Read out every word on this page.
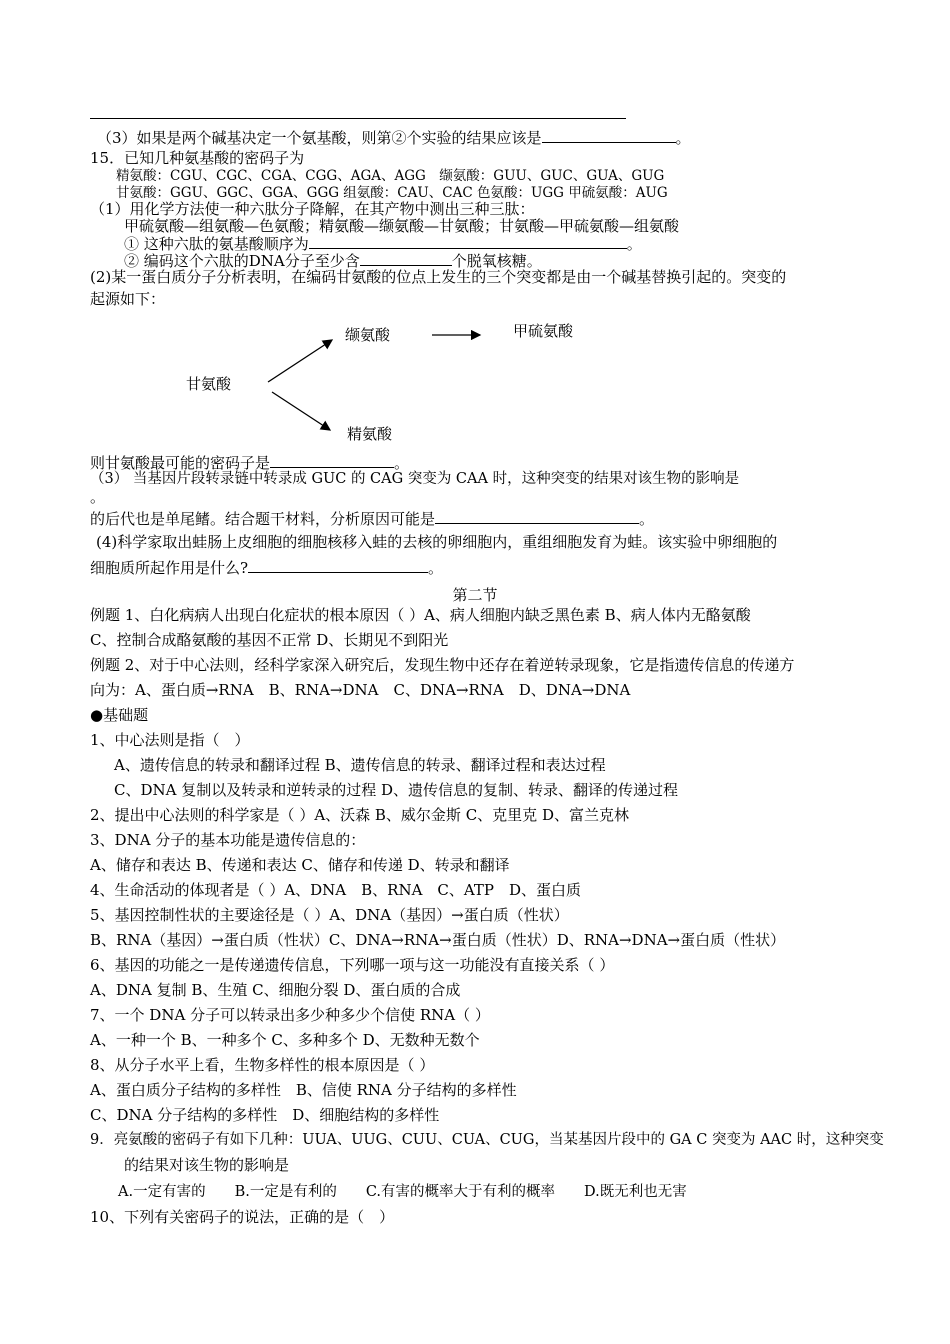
（3）如果是两个碱基决定一个氨基酸，则第②个实验的结果应该是	。
15．已知几种氨基酸的密码子为
精氨酸：CGU、CGC、CGA、CGG、AGA、AGG　缬氨酸：GUU、GUC、GUA、GUG
甘氨酸：GGU、GGC、GGA、GGG 组氨酸：CAU、CAC 色氨酸：UGG 甲硫氨酸：AUG
（1）用化学方法使一种六肽分子降解，在其产物中测出三种三肽：
甲硫氨酸—组氨酸—色氨酸；精氨酸—缬氨酸—甘氨酸；甘氨酸—甲硫氨酸—组氨酸
① 这种六肽的氨基酸顺序为	。
② 编码这个六肽的DNA分子至少含	个脱氧核糖。
(2)某一蛋白质分子分析表明，在编码甘氨酸的位点上发生的三个突变都是由一个碱基替换引起的。突变的
起源如下：
甘氨酸
缬氨酸	甲硫氨酸
精氨酸
则甘氨酸最可能的密码子是	。
（3） 当基因片段转录链中转录成 GUC 的 CAG 突变为 CAA 时，这种突变的结果对该生物的影响是
。
的后代也是单尾鳍。结合题干材料，分析原因可能是	。
(4)科学家取出蛙肠上皮细胞的细胞核移入蛙的去核的卵细胞内，重组细胞发育为蛙。该实验中卵细胞的
细胞质所起作用是什么?	。
第二节
例题 1、白化病病人出现白化症状的根本原因（ ）A、病人细胞内缺乏黑色素 B、病人体内无酪氨酸
C、控制合成酪氨酸的基因不正常 D、长期见不到阳光
例题 2、对于中心法则，经科学家深入研究后，发现生物中还存在着逆转录现象，它是指遗传信息的传递方
向为：A、蛋白质→RNA　B、RNA→DNA　C、DNA→RNA　D、DNA→DNA
●基础题
1、中心法则是指（　）
A、遗传信息的转录和翻译过程 B、遗传信息的转录、翻译过程和表达过程
C、DNA 复制以及转录和逆转录的过程 D、遗传信息的复制、转录、翻译的传递过程
2、提出中心法则的科学家是（ ）A、沃森 B、威尔金斯 C、克里克 D、富兰克林
3、DNA 分子的基本功能是遗传信息的：
A、储存和表达 B、传递和表达 C、储存和传递 D、转录和翻译
4、生命活动的体现者是（ ）A、DNA　B、RNA　C、ATP　D、蛋白质
5、基因控制性状的主要途径是（ ）A、DNA（基因）→蛋白质（性状）
B、RNA（基因）→蛋白质（性状）C、DNA→RNA→蛋白质（性状）D、RNA→DNA→蛋白质（性状）
6、基因的功能之一是传递遗传信息，下列哪一项与这一功能没有直接关系（ ）
A、DNA 复制 B、生殖 C、细胞分裂 D、蛋白质的合成
7、一个 DNA 分子可以转录出多少种多少个信使 RNA（ ）
A、一种一个 B、一种多个 C、多种多个 D、无数种无数个
8、从分子水平上看，生物多样性的根本原因是（ ）
A、蛋白质分子结构的多样性　B、信使 RNA 分子结构的多样性
C、DNA 分子结构的多样性　D、细胞结构的多样性
9．亮氨酸的密码子有如下几种：UUA、UUG、CUU、CUA、CUG，当某基因片段中的 GA C 突变为 AAC 时，这种突变
的结果对该生物的影响是
A.一定有害的　　B.一定是有利的　　C.有害的概率大于有利的概率　　D.既无利也无害
10、下列有关密码子的说法，正确的是（　）
